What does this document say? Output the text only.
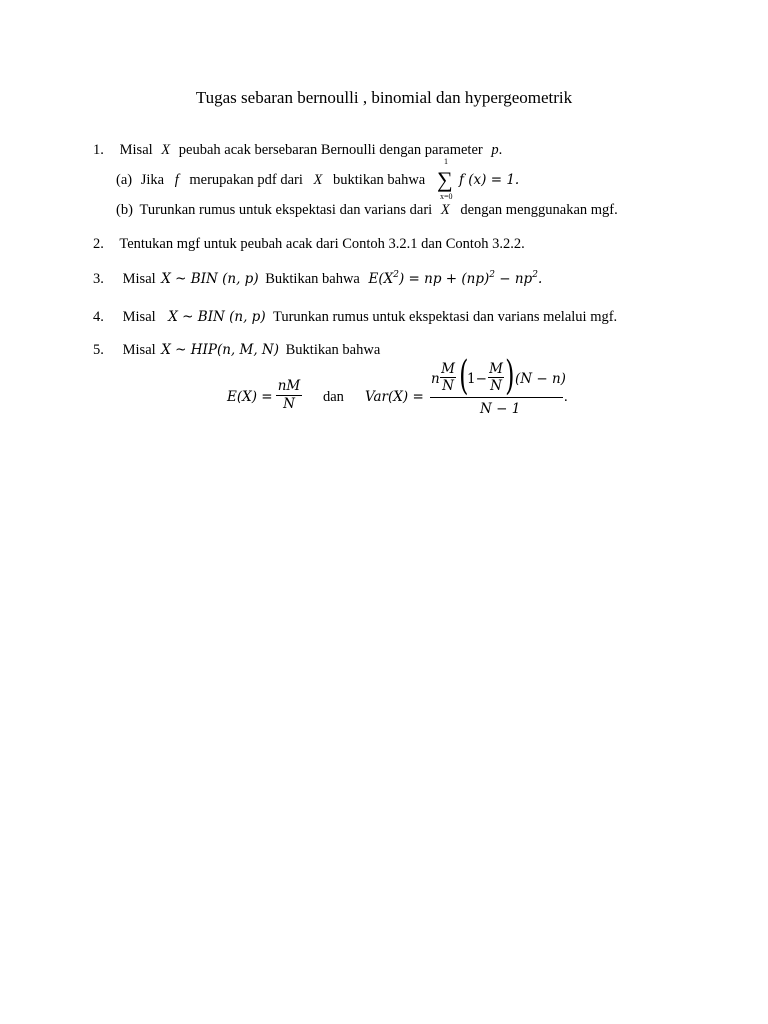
Tugas sebaran bernoulli , binomial dan hypergeometrik
1. Misal X peubah acak bersebaran Bernoulli dengan parameter p.
(a) Jika f merupakan pdf dari X buktikan bahwa ∑
1
x=0
f (x) = 1.
(b) Turunkan rumus untuk ekspektasi dan varians dari X dengan menggunakan mgf.
2. Tentukan mgf untuk peubah acak dari Contoh 3.2.1 dan Contoh 3.2.2.
3. Misal X ~ BIN (n, p) Buktikan bahwa $E(X^2)$ = np + $(np)^2 - np^2$.
4. Misal X ~ BIN (n, p) Turunkan rumus untuk ekspektasi dan varians melalui mgf.
5. Misal X ~ HIP(n, M, N) Buktikan bahwa
E(X) =
nM
N	dan Var(X) =
n
M
N (
1−
M
N ) (N − n)
N − 1
.
